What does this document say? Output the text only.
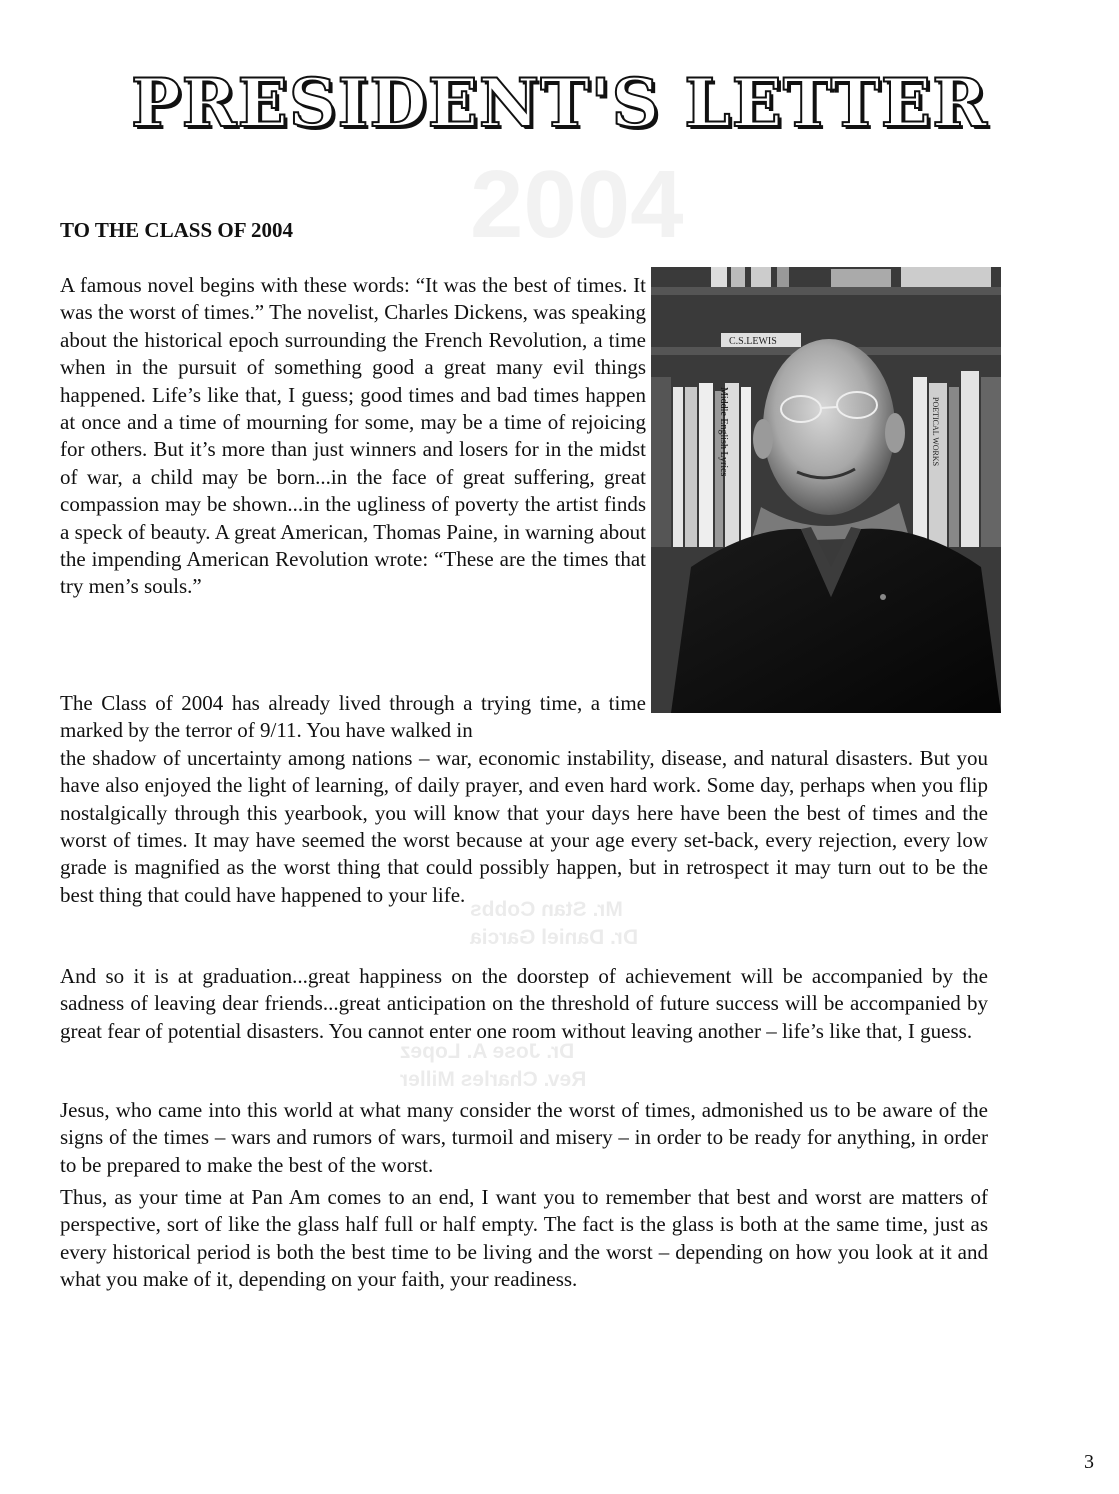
PRESIDENT'S LETTER
2004
Mr. Stan Cobbs
Dr. Daniel Garcia
Dr. Jose A. Lopez
Rev. Charles Miller
TO THE CLASS OF 2004

A famous novel begins with these words: “It was the best of times. It was the worst of times.” The novelist, Charles Dickens, was speaking about the historical epoch surrounding the French Revolution, a time when in the pursuit of something good a great many evil things happened. Life’s like that, I guess; good times and bad times happen at once and a time of mourning for some, may be a time of rejoicing for others. But it’s more than just winners and losers for in the midst of war, a child may be born...in the face of great suffering, great compassion may be shown...in the ugliness of poverty the artist finds a speck of beauty. A great American, Thomas Paine, in warning about the impending American Revolution wrote: “These are the times that try men’s souls.”

C.S.LEWIS
POETICAL WORKS
Middle English Lyrics

The Class of 2004 has already lived through a trying time, a time marked by the terror of 9/11. You have walked in
the shadow of uncertainty among nations – war, economic instability, disease, and natural disasters. But you have also enjoyed the light of learning, of daily prayer, and even hard work. Some day, perhaps when you flip nostalgically through this yearbook, you will know that your days here have been the best of times and the worst of times. It may have seemed the worst because at your age every set-back, every rejection, every low grade is magnified as the worst thing that could possibly happen, but in retrospect it may turn out to be the best thing that could have happened to your life.

And so it is at graduation...great happiness on the doorstep of achievement will be accompanied by the sadness of leaving dear friends...great anticipation on the threshold of future success will be accompanied by great fear of potential disasters. You cannot enter one room without leaving another – life’s like that, I guess.

Jesus, who came into this world at what many consider the worst of times, admonished us to be aware of the signs of the times – wars and rumors of wars, turmoil and misery – in order to be ready for anything, in order to be prepared to make the best of the worst.

Thus, as your time at Pan Am comes to an end, I want you to remember that best and worst are matters of perspective, sort of like the glass half full or half empty. The fact is the glass is both at the same time, just as every historical period is both the best time to be living and the worst – depending on how you look at it and what you make of it, depending on your faith, your readiness.

3
